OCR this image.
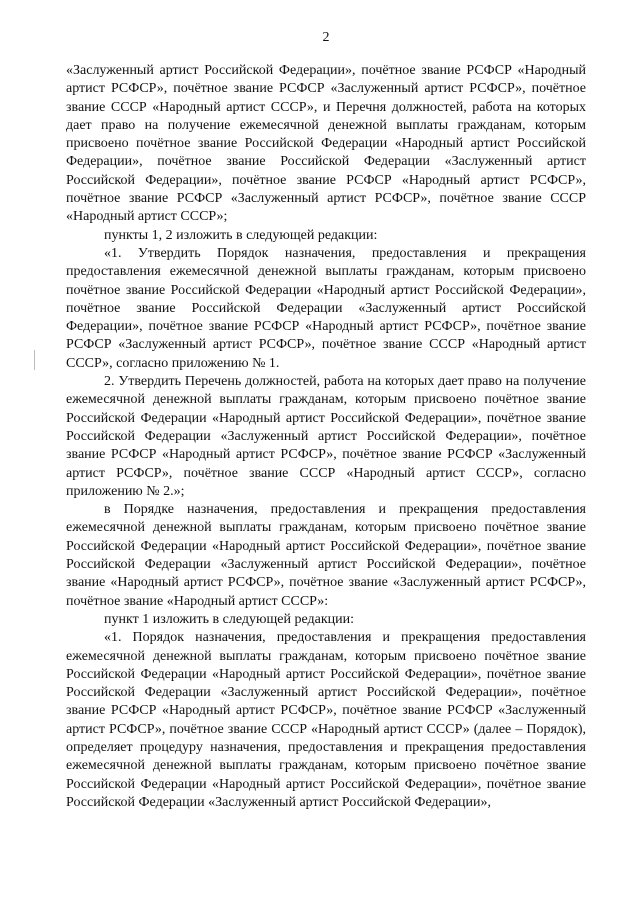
2

«Заслуженный артист Российской Федерации», почётное звание РСФСР «Народный артист РСФСР», почётное звание РСФСР «Заслуженный артист РСФСР», почётное звание СССР «Народный артист СССР», и Перечня должностей, работа на которых дает право на получение ежемесячной денежной выплаты гражданам, которым присвоено почётное звание Российской Федерации «Народный артист Российской Федерации», почётное звание Российской Федерации «Заслуженный артист Российской Федерации», почётное звание РСФСР «Народный артист РСФСР», почётное звание РСФСР «Заслуженный артист РСФСР», почётное звание СССР «Народный артист СССР»;

пункты 1, 2 изложить в следующей редакции:

«1. Утвердить Порядок назначения, предоставления и прекращения предоставления ежемесячной денежной выплаты гражданам, которым присвоено почётное звание Российской Федерации «Народный артист Российской Федерации», почётное звание Российской Федерации «Заслуженный артист Российской Федерации», почётное звание РСФСР «Народный артист РСФСР», почётное звание РСФСР «Заслуженный артист РСФСР», почётное звание СССР «Народный артист СССР», согласно приложению № 1.

2. Утвердить Перечень должностей, работа на которых дает право на получение ежемесячной денежной выплаты гражданам, которым присвоено почётное звание Российской Федерации «Народный артист Российской Федерации», почётное звание Российской Федерации «Заслуженный артист Российской Федерации», почётное звание РСФСР «Народный артист РСФСР», почётное звание РСФСР «Заслуженный артист РСФСР», почётное звание СССР «Народный артист СССР», согласно приложению № 2.»;

в Порядке назначения, предоставления и прекращения предоставления ежемесячной денежной выплаты гражданам, которым присвоено почётное звание Российской Федерации «Народный артист Российской Федерации», почётное звание Российской Федерации «Заслуженный артист Российской Федерации», почётное звание «Народный артист РСФСР», почётное звание «Заслуженный артист РСФСР», почётное звание «Народный артист СССР»:

пункт 1 изложить в следующей редакции:

«1. Порядок назначения, предоставления и прекращения предоставления ежемесячной денежной выплаты гражданам, которым присвоено почётное звание Российской Федерации «Народный артист Российской Федерации», почётное звание Российской Федерации «Заслуженный артист Российской Федерации», почётное звание РСФСР «Народный артист РСФСР», почётное звание РСФСР «Заслуженный артист РСФСР», почётное звание СССР «Народный артист СССР» (далее – Порядок), определяет процедуру назначения, предоставления и прекращения предоставления ежемесячной денежной выплаты гражданам, которым присвоено почётное звание Российской Федерации «Народный артист Российской Федерации», почётное звание Российской Федерации «Заслуженный артист Российской Федерации»,
